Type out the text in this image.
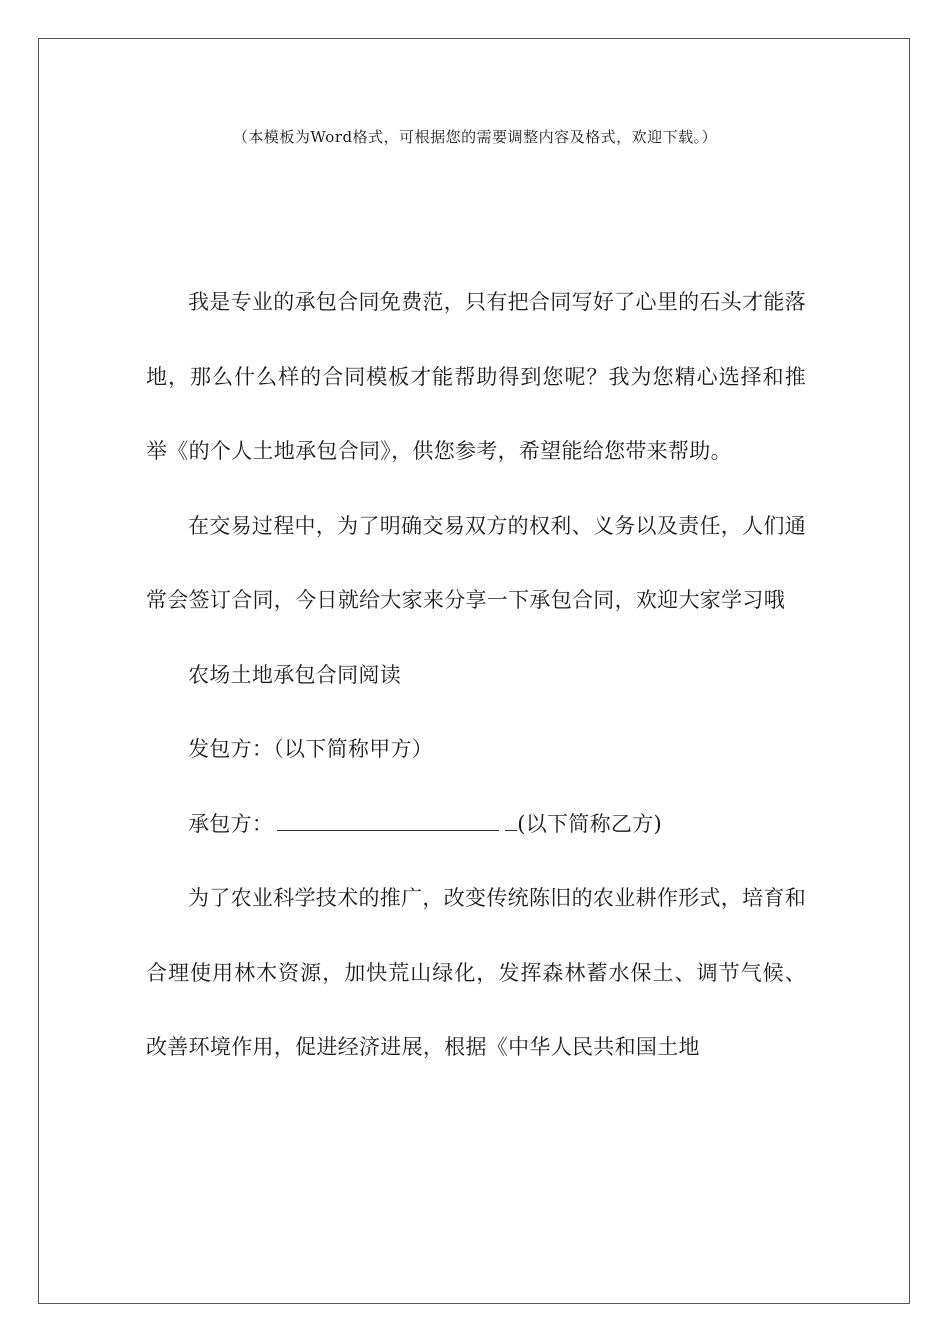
（本模板为Word格式，可根据您的需要调整内容及格式，欢迎下载。）

我是专业的承包合同免费范，只有把合同写好了心里的石头才能落地，那么什么样的合同模板才能帮助得到您呢？我为您精心选择和推举《的个人土地承包合同》，供您参考，希望能给您带来帮助。

在交易过程中，为了明确交易双方的权利、义务以及责任，人们通常会签订合同，今日就给大家来分享一下承包合同，欢迎大家学习哦

农场土地承包合同阅读

发包方：（以下简称甲方）

承包方：	(以下简称乙方)

为了农业科学技术的推广，改变传统陈旧的农业耕作形式，培育和合理使用林木资源，加快荒山绿化，发挥森林蓄水保土、调节气候、改善环境作用，促进经济进展，根据《中华人民共和国土地
